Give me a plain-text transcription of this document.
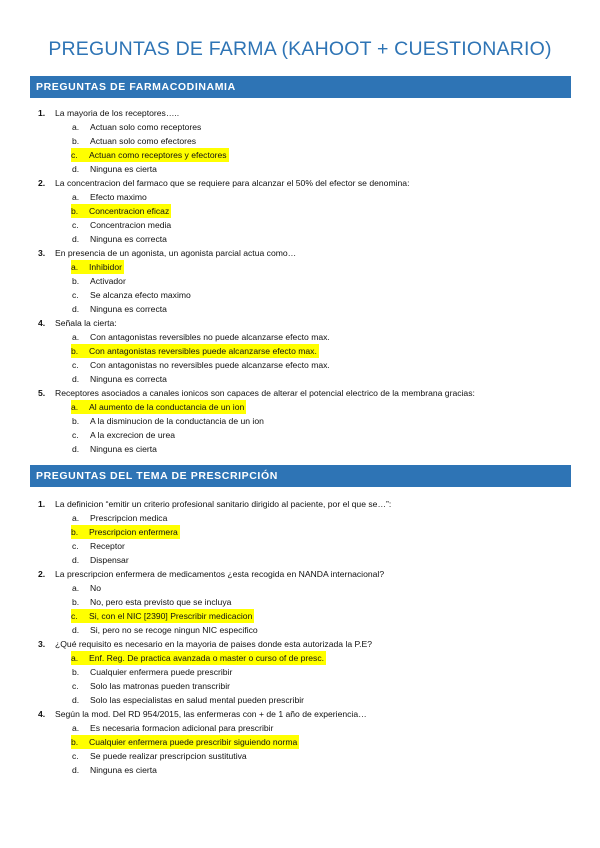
PREGUNTAS DE FARMA (KAHOOT + CUESTIONARIO)
PREGUNTAS DE FARMACODINAMIA
1. La mayoria de los receptores…..
a.	Actuan solo como receptores
b.	Actuan solo como efectores
c.	Actuan como receptores y efectores
d.	Ninguna es cierta
2. La concentracion del farmaco que se requiere para alcanzar el 50% del efector se denomina:
a.	Efecto maximo
b.	Concentracion eficaz
c.	Concentracion media
d.	Ninguna es correcta
3. En presencia de un agonista, un agonista parcial actua como…
a.	Inhibidor
b.	Activador
c.	Se alcanza efecto maximo
d.	Ninguna es correcta
4. Señala la cierta:
a.	Con antagonistas reversibles no puede alcanzarse efecto max.
b.	Con antagonistas reversibles puede alcanzarse efecto max.
c.	Con antagonistas no reversibles puede alcanzarse efecto max.
d.	Ninguna es correcta
5. Receptores asociados a canales ionicos son capaces de alterar el potencial electrico de la membrana gracias:
a.	Al aumento de la conductancia de un ion
b.	A la disminucion de la conductancia de un ion
c.	A la excrecion de urea
d.	Ninguna es cierta
PREGUNTAS DEL TEMA DE PRESCRIPCIÓN
1. La definicion “emitir un criterio profesional sanitario dirigido al paciente, por el que se…”:
a.	Prescripcion medica
b.	Prescripcion enfermera
c.	Receptor
d.	Dispensar
2. La prescripcion enfermera de medicamentos ¿esta recogida en NANDA internacional?
a.	No
b.	No, pero esta previsto que se incluya
c.	Si, con el NIC [2390] Prescribir medicacion
d.	Si, pero no se recoge ningun NIC especifico
3. ¿Qué requisito es necesario en la mayoria de paises donde esta autorizada la P.E?
a.	Enf. Reg. De practica avanzada o master o curso of de presc.
b.	Cualquier enfermera puede prescribir
c.	Solo las matronas pueden transcribir
d.	Solo las especialistas en salud mental pueden prescribir
4. Según la mod. Del RD 954/2015, las enfermeras con + de 1 año de experiencia…
a.	Es necesaria formacion adicional para prescribir
b.	Cualquier enfermera puede prescribir siguiendo norma
c.	Se puede realizar prescripcion sustitutiva
d.	Ninguna es cierta
